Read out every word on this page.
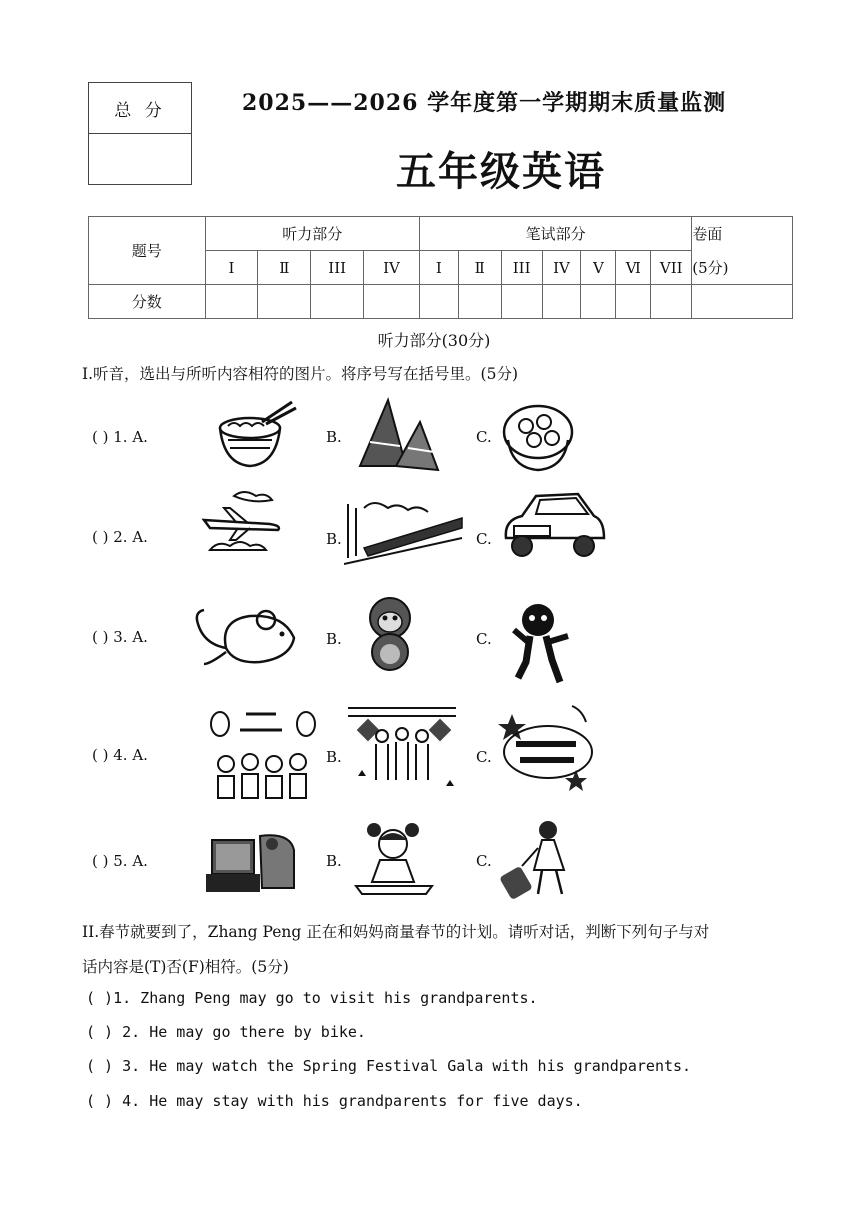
总 分	2025——2026 学年度第一学期期末质量监测
五年级英语
题号	听力部分				笔试部分							卷面
	I	Ⅱ	III	IV	I	Ⅱ	III	IV	V	Ⅵ	VII	(5分)
分数												
听力部分(30分)
I.听音，选出与所听内容相符的图片。将序号写在括号里。(5分)
( ) 1. A.	B.	C.
( ) 2. A.	B.	C.
( ) 3. A.	B.	C.
( ) 4. A.	B.	C.
( ) 5. A.	B.	C.
II.春节就要到了，Zhang Peng 正在和妈妈商量春节的计划。请听对话，判断下列句子与对
话内容是(T)否(F)相符。(5分)
( )1. Zhang Peng may go to visit his grandparents.
( ) 2. He may go there by bike.
( ) 3. He may watch the Spring Festival Gala with his grandparents.
( ) 4. He may stay with his grandparents for five days.
